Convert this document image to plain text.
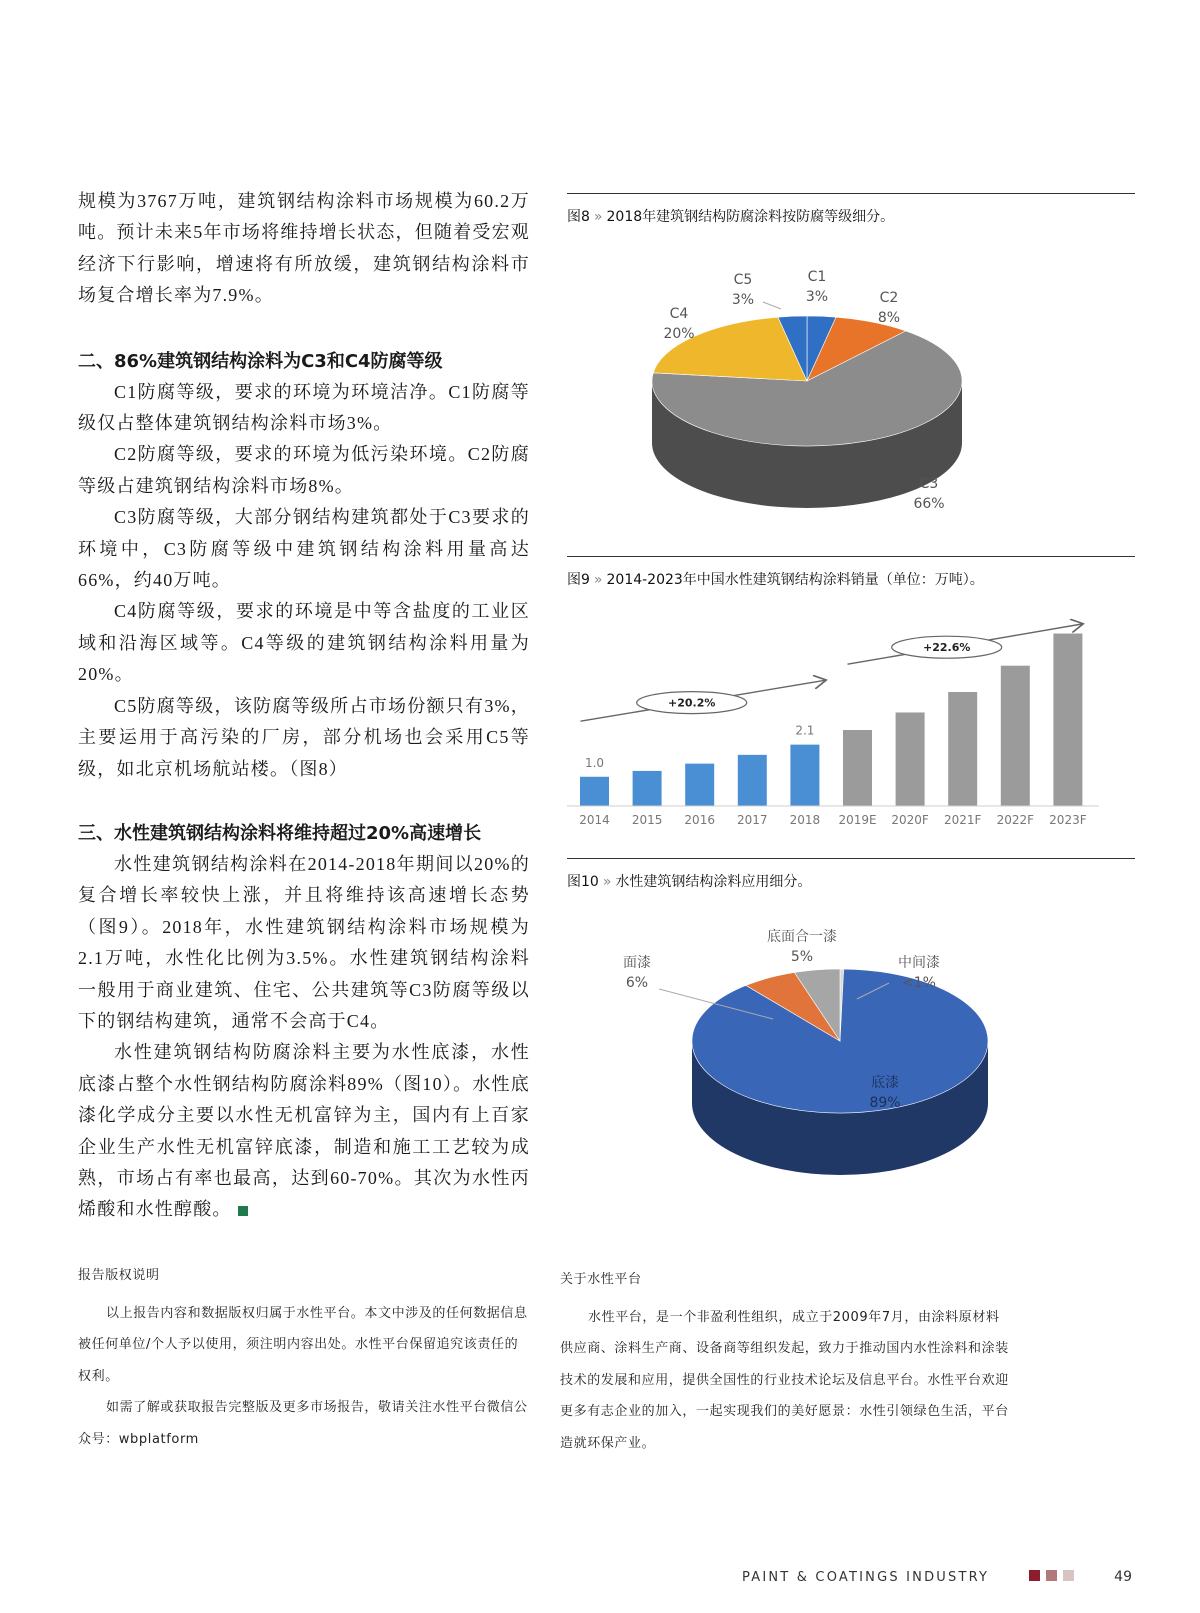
规模为3767万吨，建筑钢结构涂料市场规模为60.2万吨。预计未来5年市场将维持增长状态，但随着受宏观经济下行影响，增速将有所放缓，建筑钢结构涂料市场复合增长率为7.9%。

二、86%建筑钢结构涂料为C3和C4防腐等级

C1防腐等级，要求的环境为环境洁净。C1防腐等级仅占整体建筑钢结构涂料市场3%。

C2防腐等级，要求的环境为低污染环境。C2防腐等级占建筑钢结构涂料市场8%。

C3防腐等级，大部分钢结构建筑都处于C3要求的环境中，C3防腐等级中建筑钢结构涂料用量高达66%，约40万吨。

C4防腐等级，要求的环境是中等含盐度的工业区域和沿海区域等。C4等级的建筑钢结构涂料用量为20%。

C5防腐等级，该防腐等级所占市场份额只有3%，主要运用于高污染的厂房，部分机场也会采用C5等级，如北京机场航站楼。（图8）

三、水性建筑钢结构涂料将维持超过20%高速增长

水性建筑钢结构涂料在2014-2018年期间以20%的复合增长率较快上涨，并且将维持该高速增长态势（图9）。2018年，水性建筑钢结构涂料市场规模为2.1万吨，水性化比例为3.5%。水性建筑钢结构涂料一般用于商业建筑、住宅、公共建筑等C3防腐等级以下的钢结构建筑，通常不会高于C4。

水性建筑钢结构防腐涂料主要为水性底漆，水性底漆占整个水性钢结构防腐涂料89%（图10）。水性底漆化学成分主要以水性无机富锌为主，国内有上百家企业生产水性无机富锌底漆，制造和施工工艺较为成熟，市场占有率也最高，达到60-70%。其次为水性丙烯酸和水性醇酸。

图8 » 2018年建筑钢结构防腐涂料按防腐等级细分。
C1
3%	C2
8%
C3
66%
C4
20%
C5
3%
图9 » 2014-2023年中国水性建筑钢结构涂料销量（单位：万吨）。
2014 2015 2016 2017 2018 2019E 2020F 2021F 2022F 2023F
1.0
2.1
+20.2%
+22.6%
图10 » 水性建筑钢结构涂料应用细分。
底漆
89%
面漆
6%
底面合一漆
5%	中间漆
<1%

报告版权说明

以上报告内容和数据版权归属于水性平台。本文中涉及的任何数据信息被任何单位/个人予以使用，须注明内容出处。水性平台保留追究该责任的权利。

如需了解或获取报告完整版及更多市场报告，敬请关注水性平台微信公众号：wbplatform

关于水性平台

水性平台，是一个非盈利性组织，成立于2009年7月，由涂料原材料供应商、涂料生产商、设备商等组织发起，致力于推动国内水性涂料和涂装技术的发展和应用，提供全国性的行业技术论坛及信息平台。水性平台欢迎更多有志企业的加入，一起实现我们的美好愿景：水性引领绿色生活，平台造就环保产业。

PAINT & COATINGS INDUSTRY	49
